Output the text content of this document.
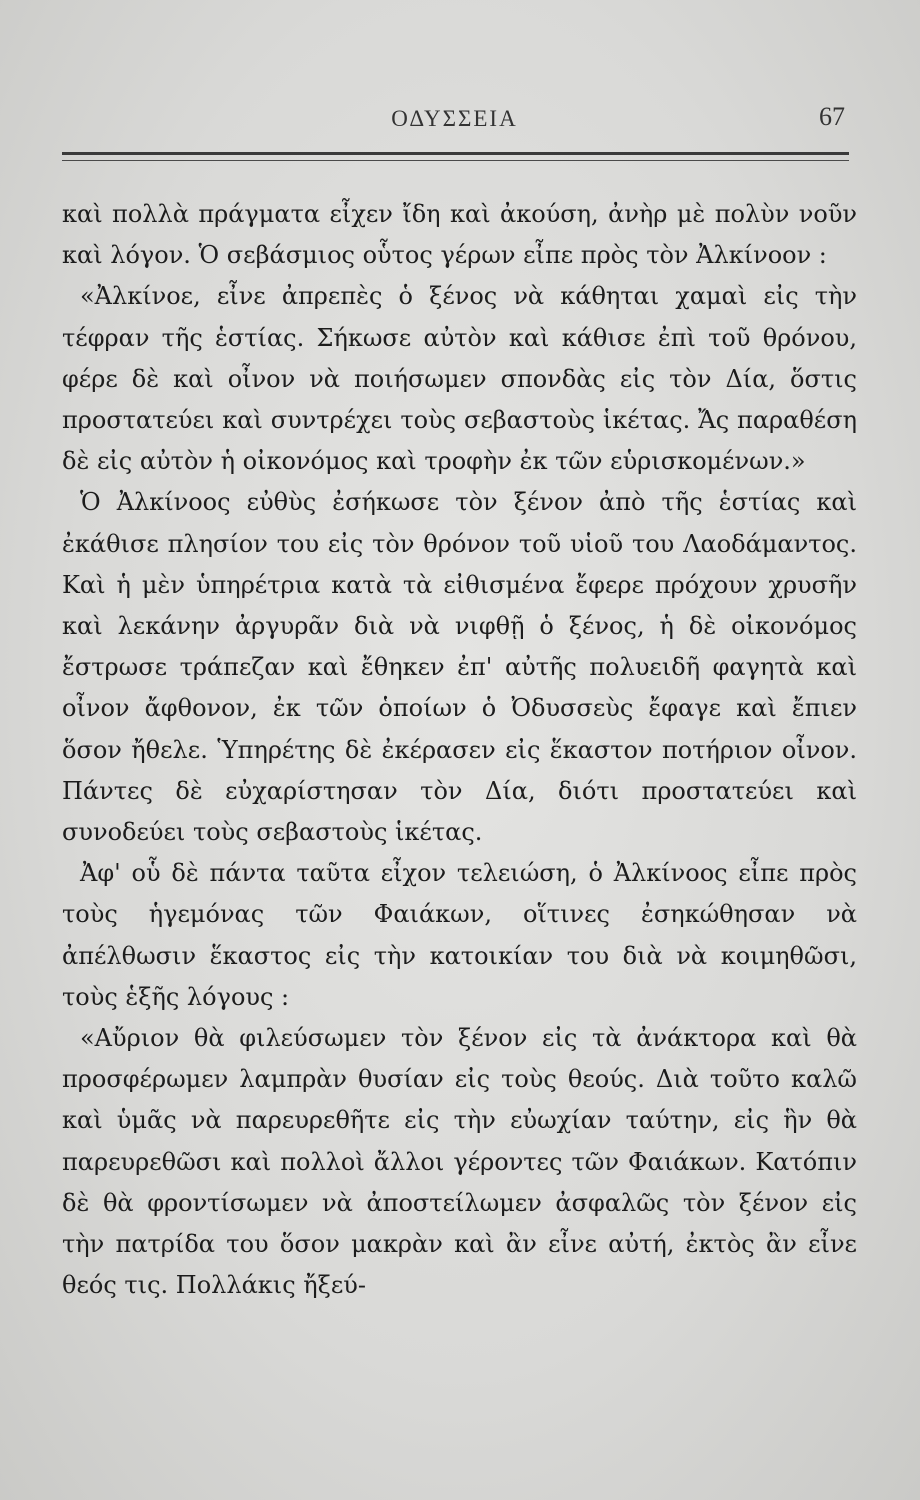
ΟΔΥΣΣΕΙΑ	67

καὶ πολλὰ πράγματα εἶχεν ἴδη καὶ ἀκούση, ἀνὴρ μὲ πολὺν νοῦν καὶ λόγον. Ὁ σεβάσμιος οὗτος γέρων εἶπε πρὸς τὸν Ἀλκίνοον :

«Ἀλκίνοε, εἶνε ἀπρεπὲς ὁ ξένος νὰ κάθηται χαμαὶ εἰς τὴν τέφραν τῆς ἑστίας. Σήκωσε αὐτὸν καὶ κάθισε ἐπὶ τοῦ θρόνου, φέρε δὲ καὶ οἶνον νὰ ποιήσωμεν σπονδὰς εἰς τὸν Δία, ὅστις προστατεύει καὶ συντρέχει τοὺς σεβαστοὺς ἱκέτας. Ἄς παραθέση δὲ εἰς αὐτὸν ἡ οἰκονόμος καὶ τροφὴν ἐκ τῶν εὑρισκομένων.»

Ὁ Ἀλκίνοος εὐθὺς ἐσήκωσε τὸν ξένον ἀπὸ τῆς ἑστίας καὶ ἐκάθισε πλησίον του εἰς τὸν θρόνον τοῦ υἱοῦ του Λαοδάμαντος. Καὶ ἡ μὲν ὑπηρέτρια κατὰ τὰ εἰθισμένα ἔφερε πρόχουν χρυσῆν καὶ λεκάνην ἀργυρᾶν διὰ νὰ νιφθῇ ὁ ξένος, ἡ δὲ οἰκονόμος ἔστρωσε τράπεζαν καὶ ἔθηκεν ἐπ' αὐτῆς πολυειδῆ φαγητὰ καὶ οἶνον ἄφθονον, ἐκ τῶν ὁποίων ὁ Ὀδυσσεὺς ἔφαγε καὶ ἔπιεν ὅσον ἤθελε. Ὑπηρέτης δὲ ἐκέρασεν εἰς ἕκαστον ποτήριον οἶνον. Πάντες δὲ εὐχαρίστησαν τὸν Δία, διότι προστατεύει καὶ συνοδεύει τοὺς σεβαστοὺς ἱκέτας.

Ἀφ' οὗ δὲ πάντα ταῦτα εἶχον τελειώση, ὁ Ἀλκίνοος εἶπε πρὸς τοὺς ἡγεμόνας τῶν Φαιάκων, οἵτινες ἐσηκώθησαν νὰ ἀπέλθωσιν ἕκαστος εἰς τὴν κατοικίαν του διὰ νὰ κοιμηθῶσι, τοὺς ἑξῆς λόγους :

«Αὔριον θὰ φιλεύσωμεν τὸν ξένον εἰς τὰ ἀνάκτορα καὶ θὰ προσφέρωμεν λαμπρὰν θυσίαν εἰς τοὺς θεούς. Διὰ τοῦτο καλῶ καὶ ὑμᾶς νὰ παρευρεθῆτε εἰς τὴν εὐωχίαν ταύτην, εἰς ἣν θὰ παρευρεθῶσι καὶ πολλοὶ ἄλλοι γέροντες τῶν Φαιάκων. Κατόπιν δὲ θὰ φροντίσωμεν νὰ ἀποστείλωμεν ἀσφαλῶς τὸν ξένον εἰς τὴν πατρίδα του ὅσον μακρὰν καὶ ἂν εἶνε αὐτή, ἐκτὸς ἂν εἶνε θεός τις. Πολλάκις ἤξεύ-
